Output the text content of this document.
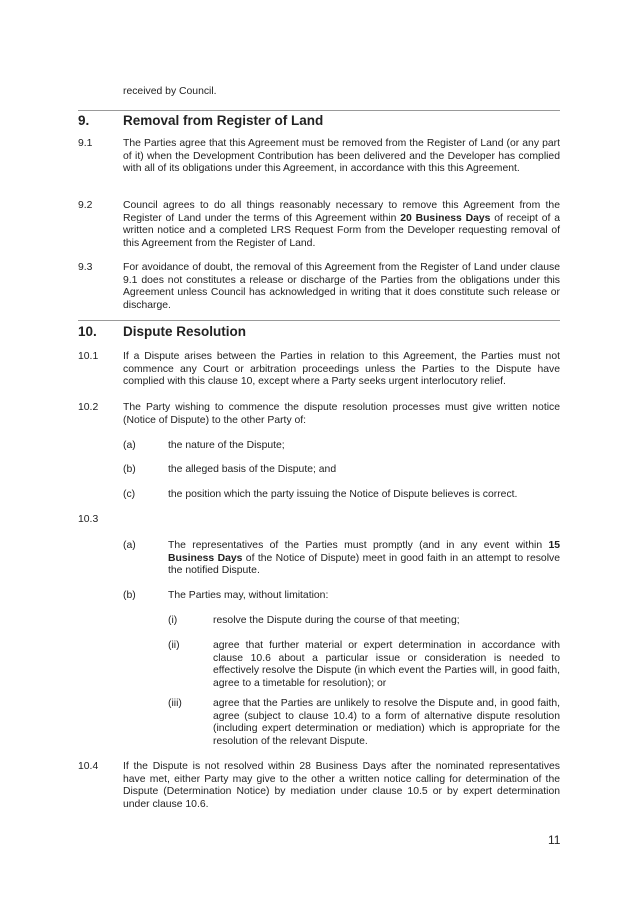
received by Council.
9. Removal from Register of Land
9.1	The Parties agree that this Agreement must be removed from the Register of Land (or any part of it) when the Development Contribution has been delivered and the Developer has complied with all of its obligations under this Agreement, in accordance with this this Agreement.
9.2	Council agrees to do all things reasonably necessary to remove this Agreement from the Register of Land under the terms of this Agreement within 20 Business Days of receipt of a written notice and a completed LRS Request Form from the Developer requesting removal of this Agreement from the Register of Land.
9.3	For avoidance of doubt, the removal of this Agreement from the Register of Land under clause 9.1 does not constitutes a release or discharge of the Parties from the obligations under this Agreement unless Council has acknowledged in writing that it does constitute such release or discharge.
10. Dispute Resolution
10.1 If a Dispute arises between the Parties in relation to this Agreement, the Parties must not commence any Court or arbitration proceedings unless the Parties to the Dispute have complied with this clause 10, except where a Party seeks urgent interlocutory relief.
10.2 The Party wishing to commence the dispute resolution processes must give written notice (Notice of Dispute) to the other Party of:
(a)	the nature of the Dispute;
(b)	the alleged basis of the Dispute; and
(c)	the position which the party issuing the Notice of Dispute believes is correct.
10.3
(a)	The representatives of the Parties must promptly (and in any event within 15 Business Days of the Notice of Dispute) meet in good faith in an attempt to resolve the notified Dispute.
(b)	The Parties may, without limitation:
(i)	resolve the Dispute during the course of that meeting;
(ii)	agree that further material or expert determination in accordance with clause 10.6 about a particular issue or consideration is needed to effectively resolve the Dispute (in which event the Parties will, in good faith, agree to a timetable for resolution); or
(iii)	agree that the Parties are unlikely to resolve the Dispute and, in good faith, agree (subject to clause 10.4) to a form of alternative dispute resolution (including expert determination or mediation) which is appropriate for the resolution of the relevant Dispute.
10.4 If the Dispute is not resolved within 28 Business Days after the nominated representatives have met, either Party may give to the other a written notice calling for determination of the Dispute (Determination Notice) by mediation under clause 10.5 or by expert determination under clause 10.6.
11
